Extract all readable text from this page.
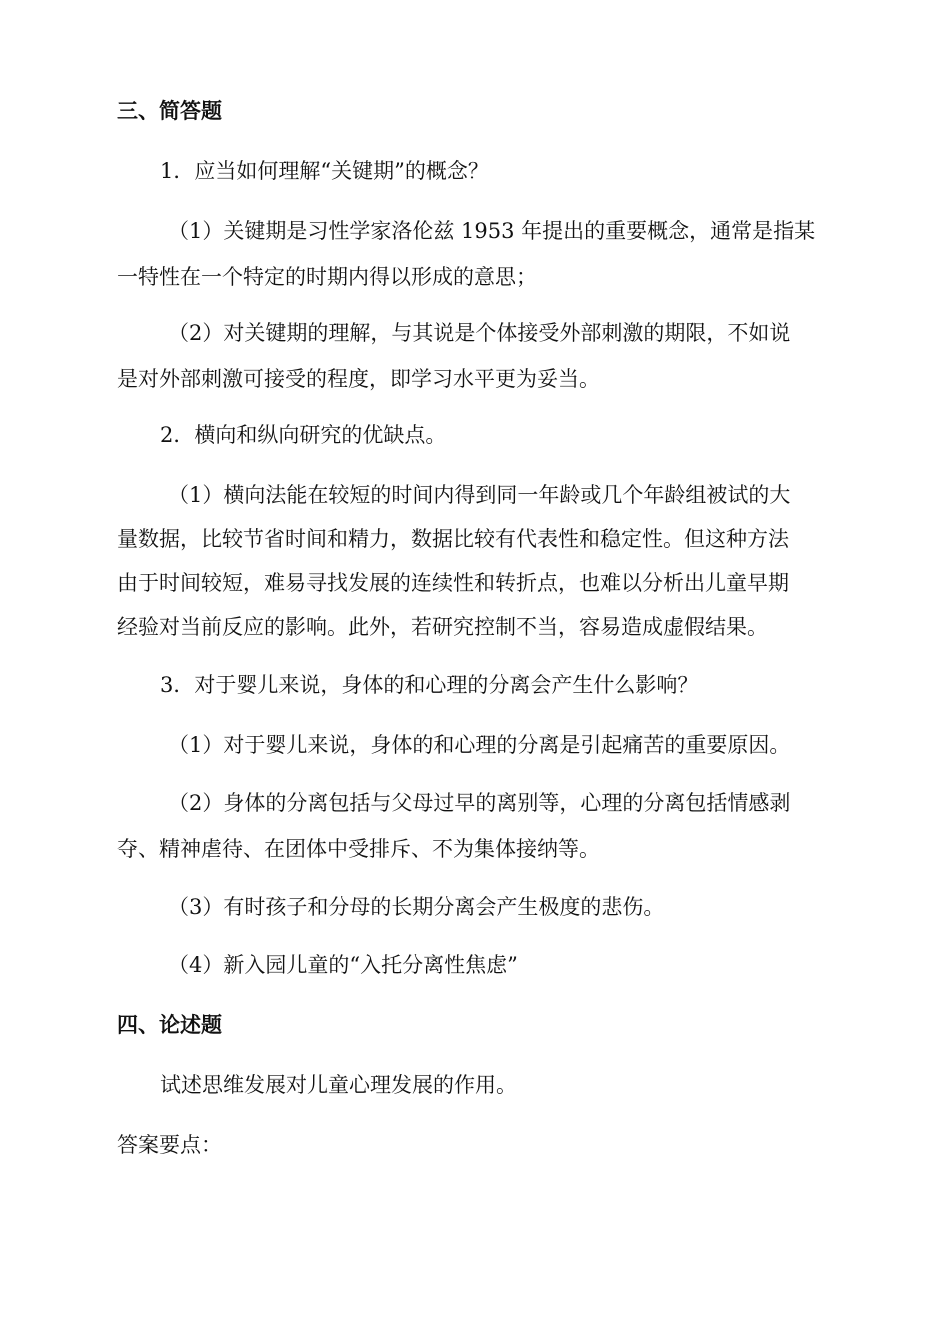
三、简答题
1．应当如何理解“关键期”的概念？
（1）关键期是习性学家洛伦兹 1953 年提出的重要概念，通常是指某
一特性在一个特定的时期内得以形成的意思；
（2）对关键期的理解，与其说是个体接受外部刺激的期限，不如说
是对外部刺激可接受的程度，即学习水平更为妥当。
2．横向和纵向研究的优缺点。
（1）横向法能在较短的时间内得到同一年龄或几个年龄组被试的大
量数据，比较节省时间和精力，数据比较有代表性和稳定性。但这种方法
由于时间较短，难易寻找发展的连续性和转折点，也难以分析出儿童早期
经验对当前反应的影响。此外，若研究控制不当，容易造成虚假结果。
3．对于婴儿来说，身体的和心理的分离会产生什么影响？
（1）对于婴儿来说，身体的和心理的分离是引起痛苦的重要原因。
（2）身体的分离包括与父母过早的离别等，心理的分离包括情感剥
夺、精神虐待、在团体中受排斥、不为集体接纳等。
（3）有时孩子和分母的长期分离会产生极度的悲伤。
（4）新入园儿童的“入托分离性焦虑”
四、论述题
试述思维发展对儿童心理发展的作用。
答案要点：
